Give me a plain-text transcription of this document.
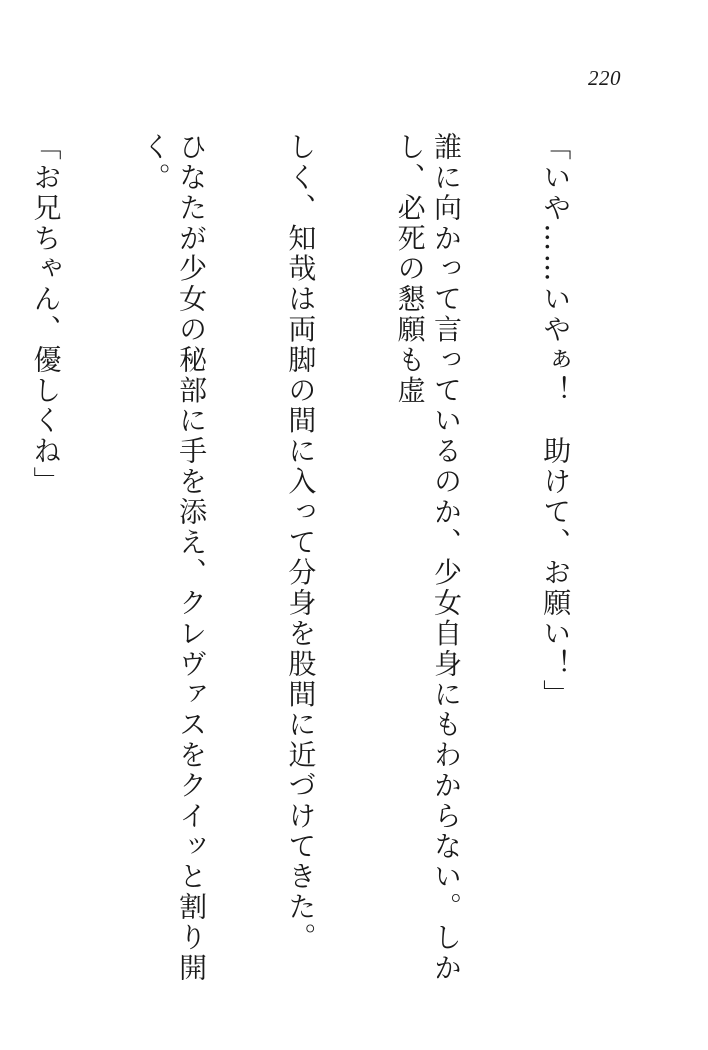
220

「いや……いやぁ！　助けて、お願い！」

誰に向かって言っているのか、少女自身にもわからない。しかし、必死の懇願も虚

しく、知哉は両脚の間に入って分身を股間に近づけてきた。

ひなたが少女の秘部に手を添え、クレヴァスをクイッと割り開く。

「お兄ちゃん、優しくね」
